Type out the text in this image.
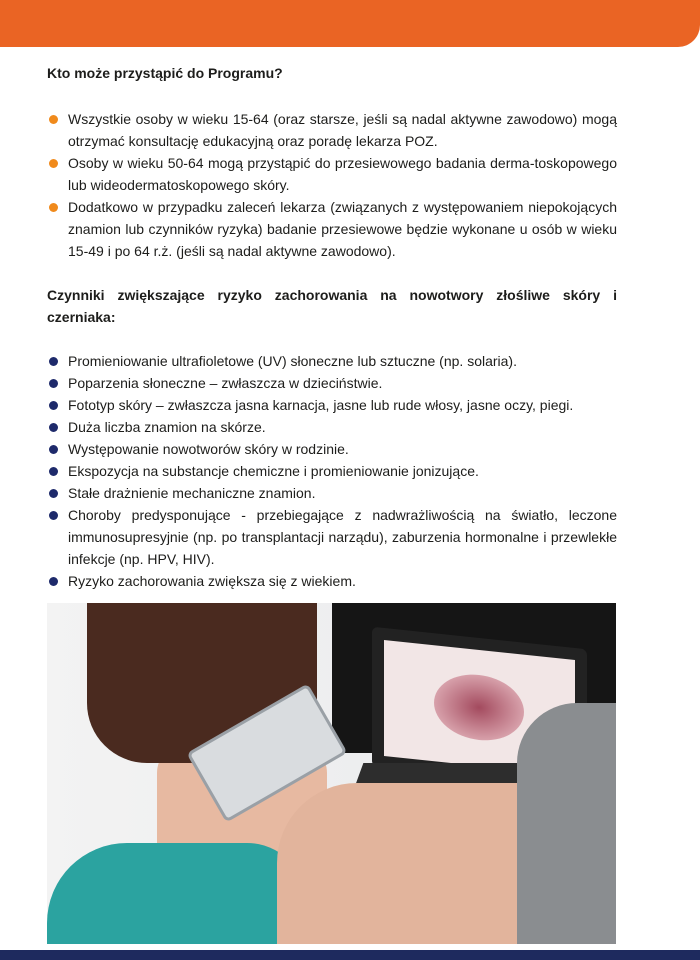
Kto może przystąpić do Programu?
Wszystkie osoby w wieku 15-64 (oraz starsze, jeśli są nadal aktywne zawodowo) mogą otrzymać konsultację edukacyjną oraz poradę lekarza POZ.
Osoby w wieku 50-64 mogą przystąpić do przesiewowego badania derma-toskopowego lub wideodermatoskopowego skóry.
Dodatkowo w przypadku zaleceń lekarza (związanych z występowaniem niepokojących znamion lub czynników ryzyka) badanie przesiewowe będzie wykonane u osób w wieku 15-49 i po 64 r.ż. (jeśli są nadal aktywne zawodowo).
Czynniki zwiększające ryzyko zachorowania na nowotwory złośliwe skóry i czerniaka:
Promieniowanie ultrafioletowe (UV) słoneczne lub sztuczne (np. solaria).
Poparzenia słoneczne – zwłaszcza w dzieciństwie.
Fototyp skóry – zwłaszcza jasna karnacja, jasne lub rude włosy, jasne oczy, piegi.
Duża liczba znamion na skórze.
Występowanie nowotworów skóry w rodzinie.
Ekspozycja na substancje chemiczne i promieniowanie jonizujące.
Stałe drażnienie mechaniczne znamion.
Choroby predysponujące - przebiegające z nadwrażliwością na światło, leczone immunosupresyjnie (np. po transplantacji narządu), zaburzenia hormonalne i przewlekłe infekcje (np. HPV, HIV).
Ryzyko zachorowania zwiększa się z wiekiem.
